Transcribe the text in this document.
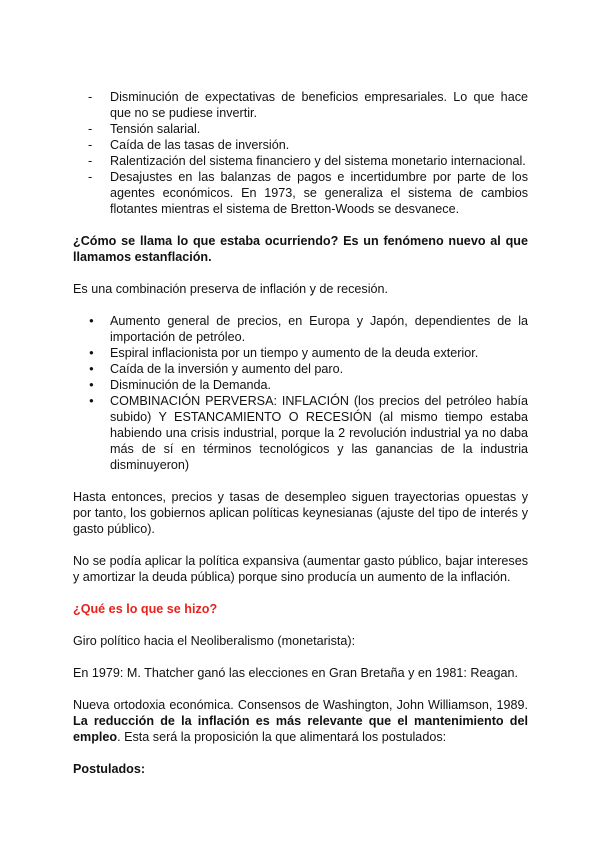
- Disminución de expectativas de beneficios empresariales. Lo que hace que no se pudiese invertir.
- Tensión salarial.
- Caída de las tasas de inversión.
- Ralentización del sistema financiero y del sistema monetario internacional.
- Desajustes en las balanzas de pagos e incertidumbre por parte de los agentes económicos. En 1973, se generaliza el sistema de cambios flotantes mientras el sistema de Bretton-Woods se desvanece.

¿Cómo se llama lo que estaba ocurriendo? Es un fenómeno nuevo al que llamamos estanflación.

Es una combinación preserva de inflación y de recesión.

● Aumento general de precios, en Europa y Japón, dependientes de la importación de petróleo.
● Espiral inflacionista por un tiempo y aumento de la deuda exterior.
● Caída de la inversión y aumento del paro.
● Disminución de la Demanda.
● COMBINACIÓN PERVERSA: INFLACIÓN (los precios del petróleo había subido) Y ESTANCAMIENTO O RECESIÓN (al mismo tiempo estaba habiendo una crisis industrial, porque la 2 revolución industrial ya no daba más de sí en términos tecnológicos y las ganancias de la industria disminuyeron)

Hasta entonces, precios y tasas de desempleo siguen trayectorias opuestas y por tanto, los gobiernos aplican políticas keynesianas (ajuste del tipo de interés y gasto público).

No se podía aplicar la política expansiva (aumentar gasto público, bajar intereses y amortizar la deuda pública) porque sino producía un aumento de la inflación.

¿Qué es lo que se hizo?

Giro político hacia el Neoliberalismo (monetarista):

En 1979: M. Thatcher ganó las elecciones en Gran Bretaña y en 1981: Reagan.

Nueva ortodoxia económica. Consensos de Washington, John Williamson, 1989. La reducción de la inflación es más relevante que el mantenimiento del empleo. Esta será la proposición la que alimentará los postulados:

Postulados:
